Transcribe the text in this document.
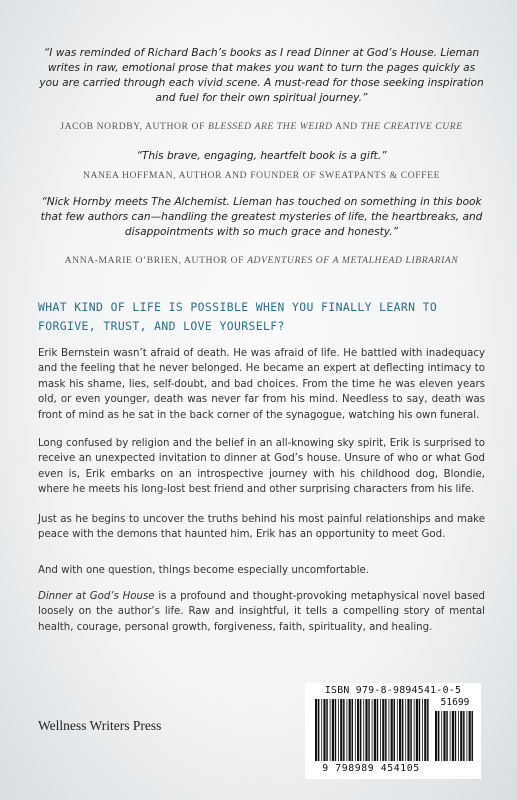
“I was reminded of Richard Bach’s books as I read Dinner at God’s House. Lieman writes in raw, emotional prose that makes you want to turn the pages quickly as you are carried through each vivid scene. A must-read for those seeking inspiration and fuel for their own spiritual journey.”

JACOB NORDBY, AUTHOR OF BLESSED ARE THE WEIRD AND THE CREATIVE CURE

“This brave, engaging, heartfelt book is a gift.”

NANEA HOFFMAN, AUTHOR AND FOUNDER OF SWEATPANTS & COFFEE

“Nick Hornby meets The Alchemist. Lieman has touched on something in this book that few authors can—handling the greatest mysteries of life, the heartbreaks, and disappointments with so much grace and honesty.”

ANNA-MARIE O’BRIEN, AUTHOR OF ADVENTURES OF A METALHEAD LIBRARIAN

WHAT KIND OF LIFE IS POSSIBLE WHEN YOU FINALLY LEARN TO FORGIVE, TRUST, AND LOVE YOURSELF?

Erik Bernstein wasn’t afraid of death. He was afraid of life. He battled with inadequacy and the feeling that he never belonged. He became an expert at deflecting intimacy to mask his shame, lies, self-doubt, and bad choices. From the time he was eleven years old, or even younger, death was never far from his mind. Needless to say, death was front of mind as he sat in the back corner of the synagogue, watching his own funeral.

Long confused by religion and the belief in an all-knowing sky spirit, Erik is surprised to receive an unexpected invitation to dinner at God’s house. Unsure of who or what God even is, Erik embarks on an introspective journey with his childhood dog, Blondie, where he meets his long-lost best friend and other surprising characters from his life.

Just as he begins to uncover the truths behind his most painful relationships and make peace with the demons that haunted him, Erik has an opportunity to meet God.

And with one question, things become especially uncomfortable.

Dinner at God’s House is a profound and thought-provoking metaphysical novel based loosely on the author’s life. Raw and insightful, it tells a compelling story of mental health, courage, personal growth, forgiveness, faith, spirituality, and healing.

Wellness Writers Press
ISBN 979-8-9894541-0-5
51699
9 798989 454105
